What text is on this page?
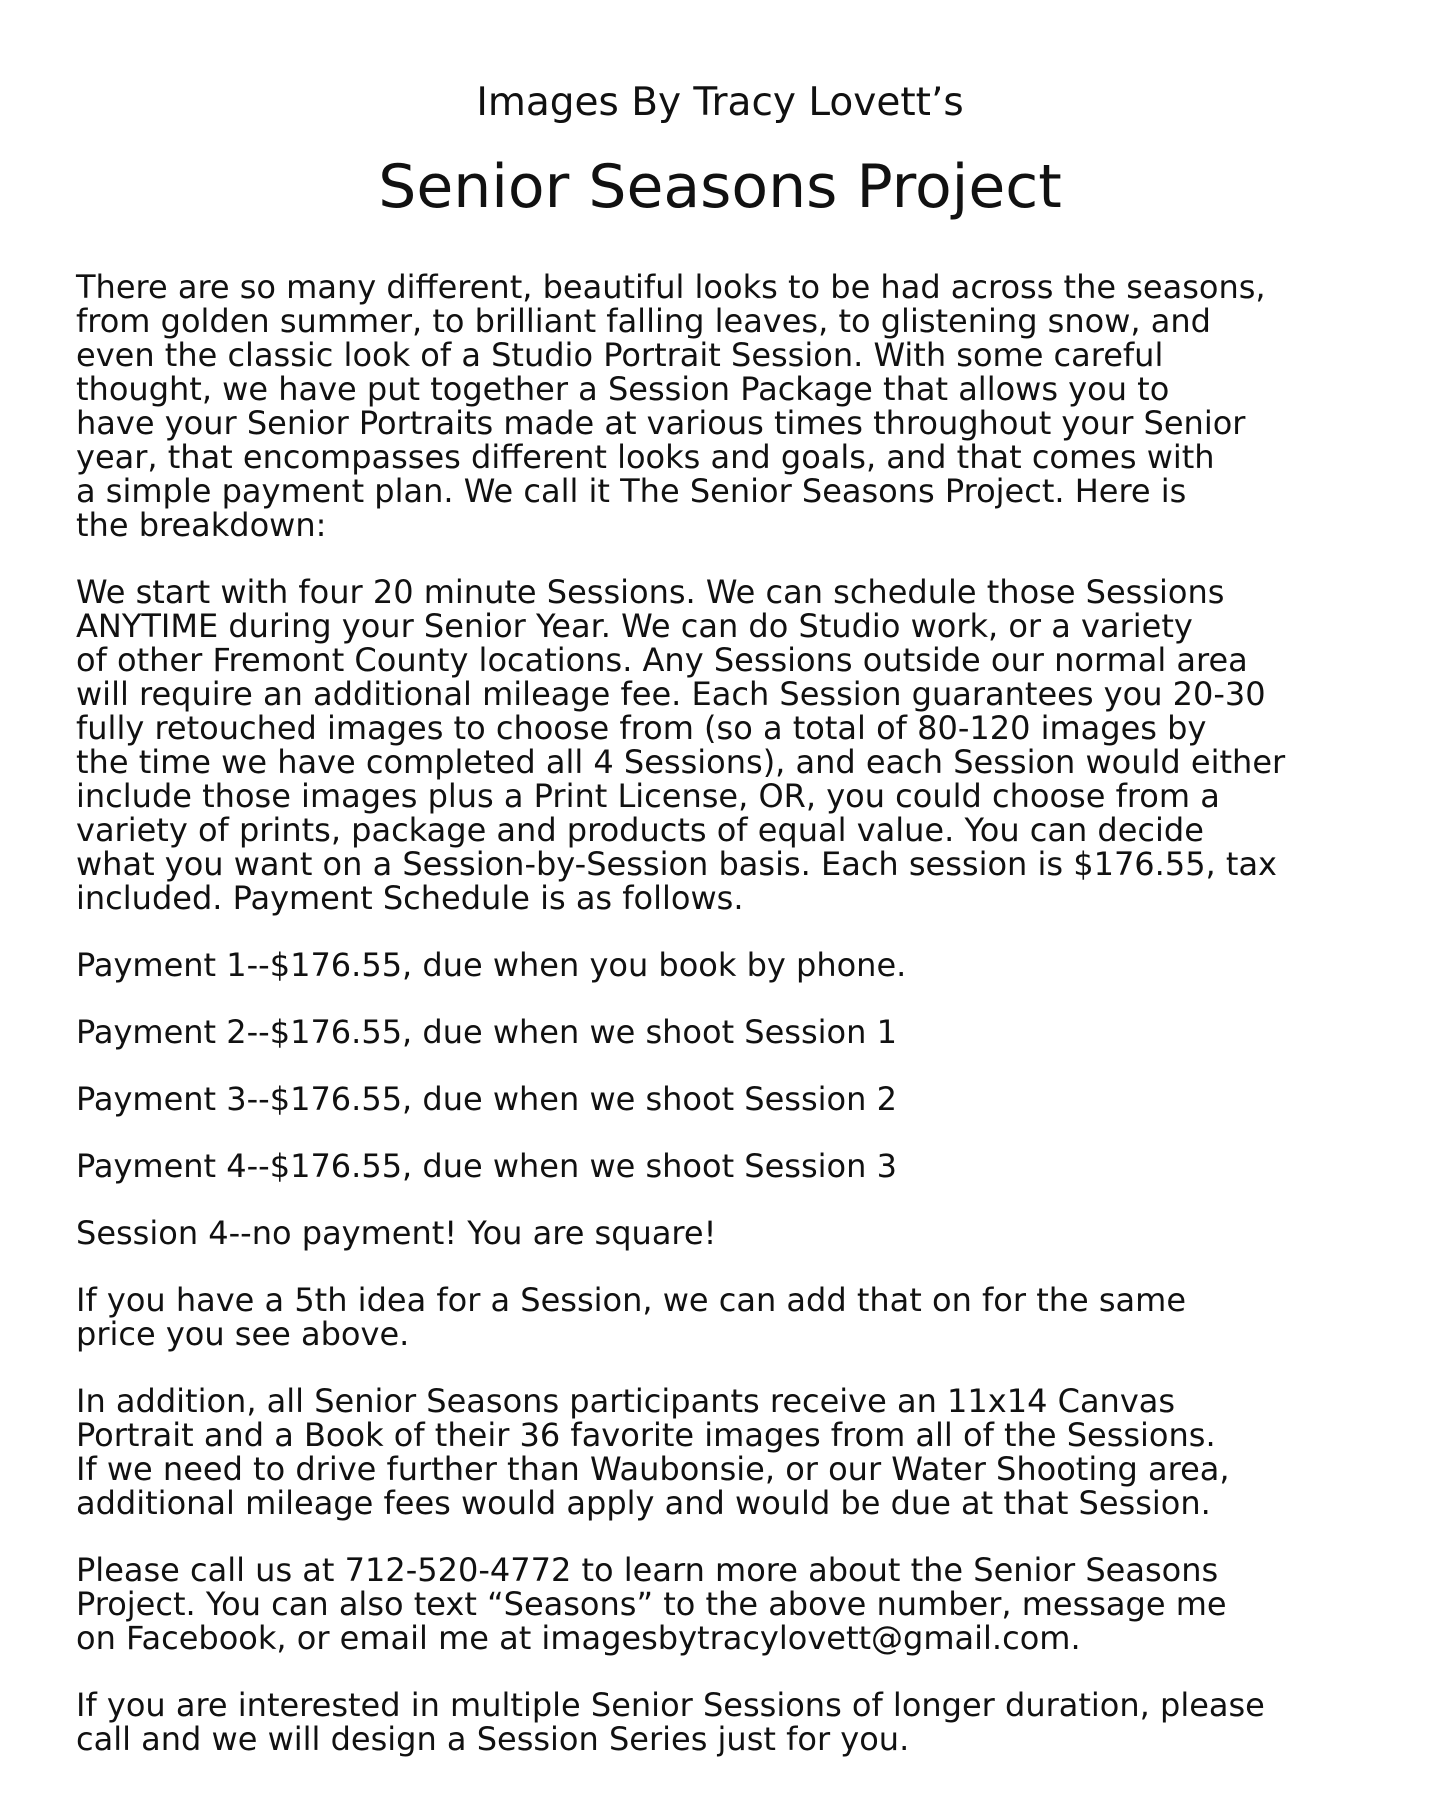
Images By Tracy Lovett’s
Senior Seasons Project

There are so many different, beautiful looks to be had across the seasons,
from golden summer, to brilliant falling leaves, to glistening snow, and
even the classic look of a Studio Portrait Session. With some careful
thought, we have put together a Session Package that allows you to
have your Senior Portraits made at various times throughout your Senior
year, that encompasses different looks and goals, and that comes with
a simple payment plan. We call it The Senior Seasons Project. Here is
the breakdown:

We start with four 20 minute Sessions. We can schedule those Sessions
ANYTIME during your Senior Year. We can do Studio work, or a variety
of other Fremont County locations. Any Sessions outside our normal area
will require an additional mileage fee. Each Session guarantees you 20-30
fully retouched images to choose from (so a total of 80-120 images by
the time we have completed all 4 Sessions), and each Session would either
include those images plus a Print License, OR, you could choose from a
variety of prints, package and products of equal value. You can decide
what you want on a Session-by-Session basis. Each session is $176.55, tax
included. Payment Schedule is as follows.

Payment 1--$176.55, due when you book by phone.

Payment 2--$176.55, due when we shoot Session 1

Payment 3--$176.55, due when we shoot Session 2

Payment 4--$176.55, due when we shoot Session 3

Session 4--no payment! You are square!

If you have a 5th idea for a Session, we can add that on for the same
price you see above.

In addition, all Senior Seasons participants receive an 11x14 Canvas
Portrait and a Book of their 36 favorite images from all of the Sessions.
If we need to drive further than Waubonsie, or our Water Shooting area,
additional mileage fees would apply and would be due at that Session.

Please call us at 712-520-4772 to learn more about the Senior Seasons
Project. You can also text “Seasons” to the above number, message me
on Facebook, or email me at imagesbytracylovett@gmail.com.

If you are interested in multiple Senior Sessions of longer duration, please
call and we will design a Session Series just for you.
